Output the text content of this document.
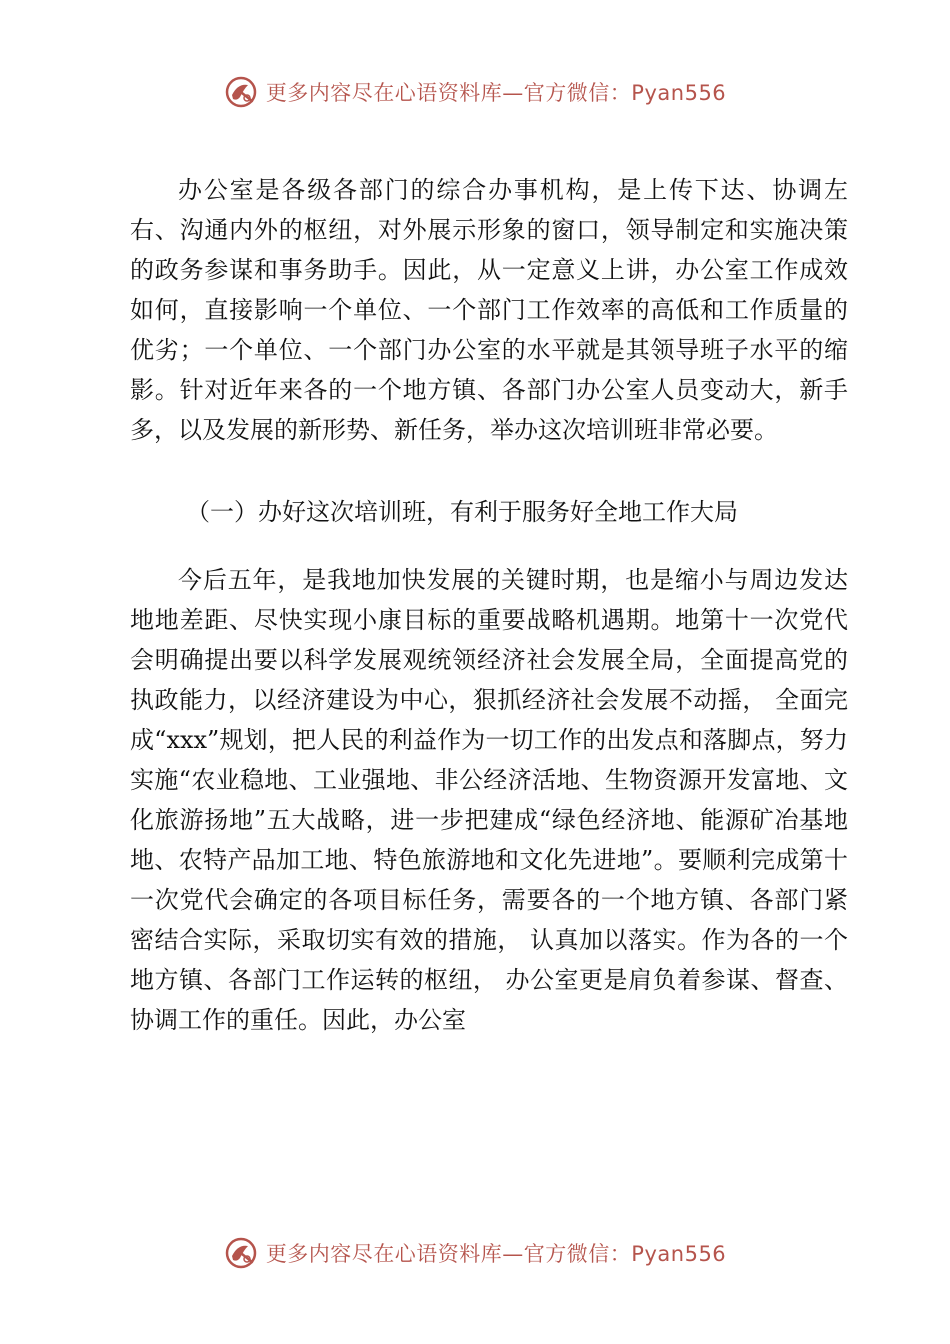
更多内容尽在心语资料库—官方微信：Pyan556

办公室是各级各部门的综合办事机构，是上传下达、协调左右、沟通内外的枢纽，对外展示形象的窗口，领导制定和实施决策的政务参谋和事务助手。因此，从一定意义上讲，办公室工作成效如何，直接影响一个单位、一个部门工作效率的高低和工作质量的优劣；一个单位、一个部门办公室的水平就是其领导班子水平的缩影。针对近年来各的一个地方镇、各部门办公室人员变动大，新手多，以及发展的新形势、新任务，举办这次培训班非常必要。

（一）办好这次培训班，有利于服务好全地工作大局

今后五年，是我地加快发展的关键时期，也是缩小与周边发达地地差距、尽快实现小康目标的重要战略机遇期。地第十一次党代会明确提出要以科学发展观统领经济社会发展全局，全面提高党的执政能力，以经济建设为中心，狠抓经济社会发展不动摇， 全面完成“xxx”规划，把人民的利益作为一切工作的出发点和落脚点，努力实施“农业稳地、工业强地、非公经济活地、生物资源开发富地、文化旅游扬地”五大战略，进一步把建成“绿色经济地、能源矿冶基地地、农特产品加工地、特色旅游地和文化先进地”。要顺利完成第十一次党代会确定的各项目标任务，需要各的一个地方镇、各部门紧密结合实际，采取切实有效的措施， 认真加以落实。作为各的一个地方镇、各部门工作运转的枢纽， 办公室更是肩负着参谋、督查、协调工作的重任。因此，办公室

更多内容尽在心语资料库—官方微信：Pyan556
